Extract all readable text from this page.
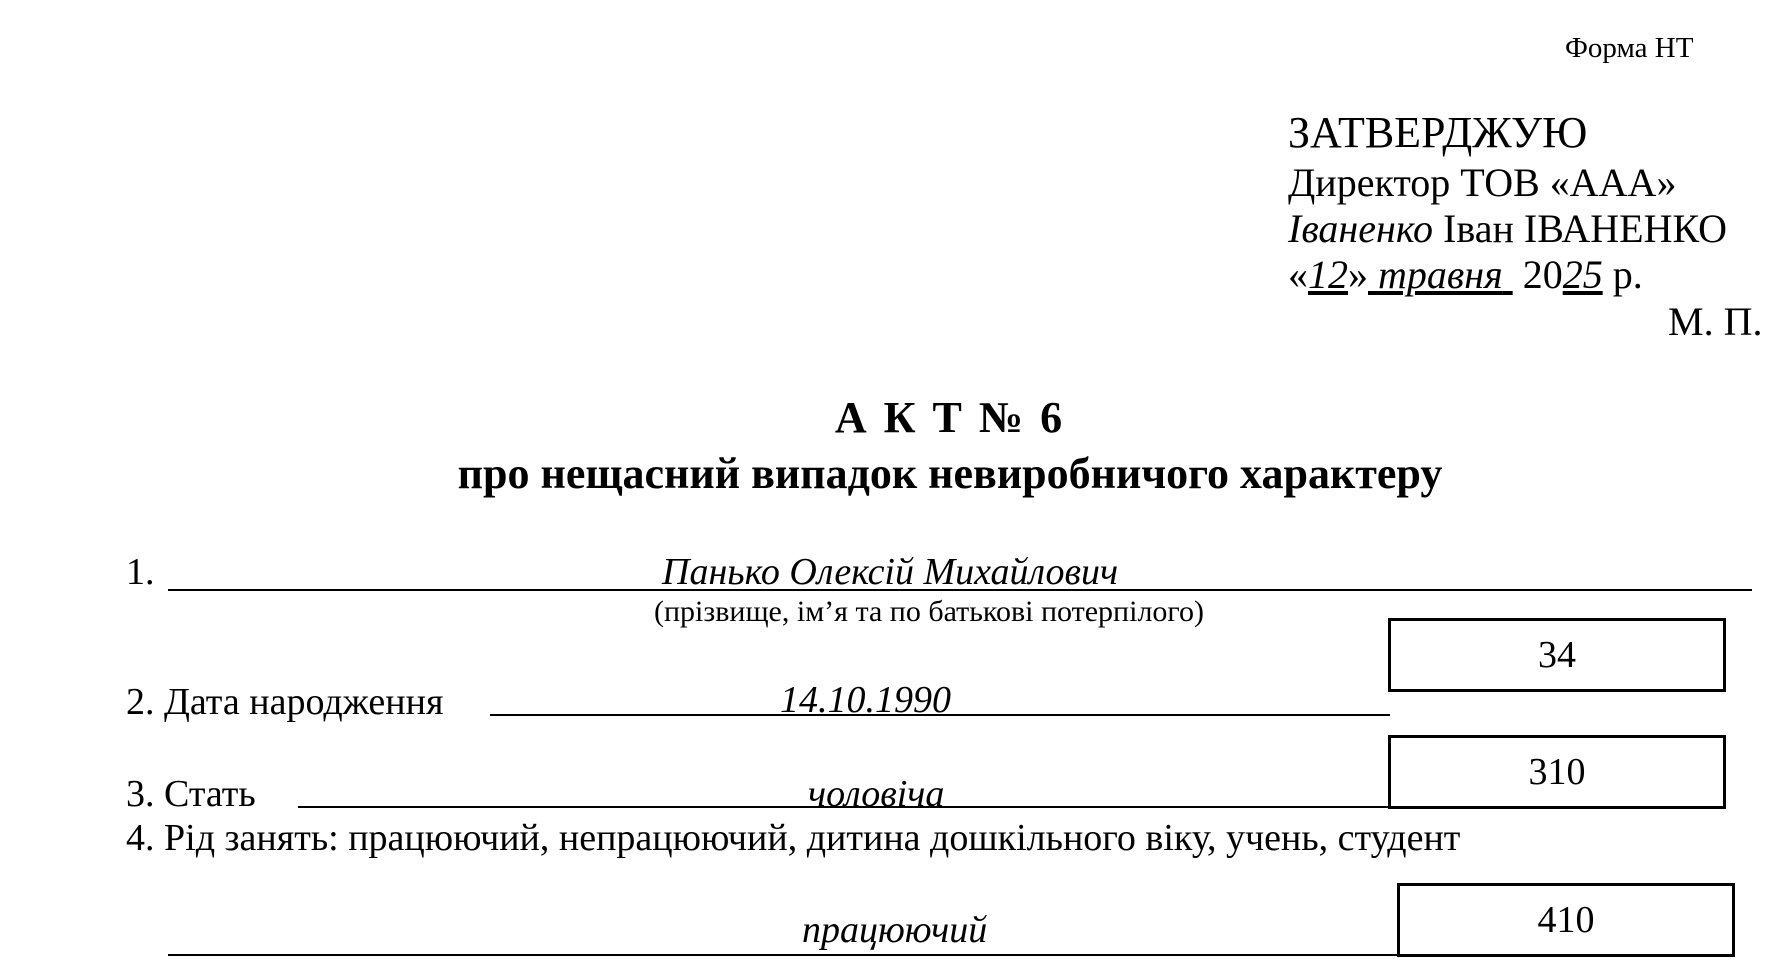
Форма НТ
ЗАТВЕРДЖУЮ
Директор ТОВ «ААА»
Іваненко Іван ІВАНЕНКО
«12» травня 2025 р.
М. П.
А К Т № 6
про нещасний випадок невиробничого характеру
1.	Панько Олексій Михайлович
(прізвище, ім’я та по батькові потерпілого)
34
2. Дата народження	14.10.1990
310
3. Стать	чоловіча
4. Рід занять: працюючий, непрацюючий, дитина дошкільного віку, учень, студент
працюючий	410
